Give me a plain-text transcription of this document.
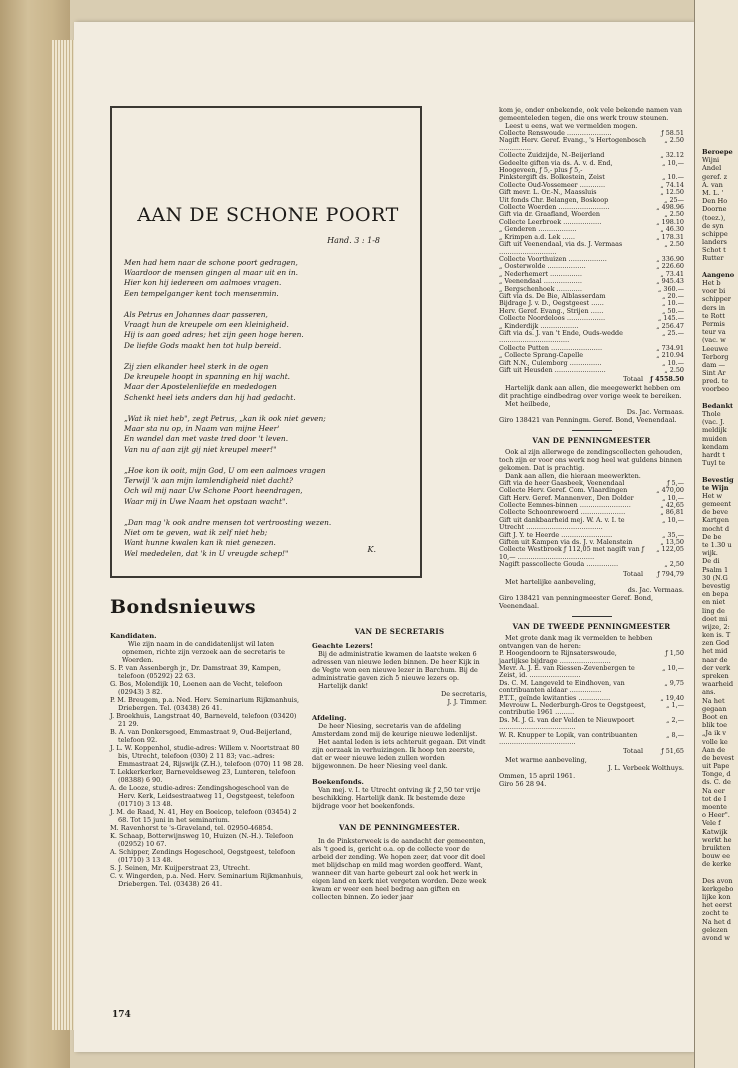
AAN DE SCHONE POORT
Hand. 3 : 1-8
Men had hem naar de schone poort gedragen,
Waardoor de mensen gingen al maar uit en in.
Hier kon hij iedereen om aalmoes vragen.
Een tempelganger kent toch mensenmin.
Als Petrus en Johannes daar passeren,
Vraagt hun de kreupele om een kleinigheid.
Hij is aan goed adres; het zijn geen hoge heren.
De liefde Gods maakt hen tot hulp bereid.
Zij zien elkander heel sterk in de ogen
De kreupele hoopt in spanning en hij wacht.
Maar der Apostelenliefde en mededogen
Schenkt heel iets anders dan hij had gedacht.
„Wat ik niet heb", zegt Petrus, „kan ik ook niet geven;
Maar sta nu op, in Naam van mijne Heer'
En wandel dan met vaste tred door 't leven.
Van nu af aan zijt gij niet kreupel meer!"
„Hoe kon ik ooit, mijn God, U om een aalmoes vragen
Terwijl 'k aan mijn lamlendigheid niet dacht?
Och wil mij naar Uw Schone Poort heendragen,
Waar mij in Uwe Naam het opstaan wacht".
„Dan mag 'k ook andre mensen tot vertroosting wezen.
Niet om te geven, wat ik zelf niet heb;
Want hunne kwalen kan ik niet genezen.
Wel mededelen, dat 'k in U vreugde schep!"	K.
Bondsnieuws

Kandidaten.

Wie zijn naam in de candidatenlijst wil laten opnemen, richte zijn verzoek aan de secretaris te Woerden.

S. P. van Assenbergh jr., Dr. Damstraat 39, Kampen, telefoon (05292) 22 63.

G. Bos, Molendijk 10, Loenen aan de Vecht, telefoon (02943) 3 82.

P. M. Breugem, p.a. Ned. Herv. Seminarium Rijkmanhuis, Driebergen. Tel. (03438) 26 41.

J. Broekhuis, Langstraat 40, Barneveld, telefoon (03420) 21 29.

B. A. van Donkersgoed, Emmastraat 9, Oud-Beijerland, telefoon 92.

J. L. W. Koppenhol, studie-adres: Willem v. Noortstraat 80 bis, Utrecht, telefoon (030) 2 11 83; vac.-adres: Emmastraat 24, Rijswijk (Z.H.), telefoon (070) 11 98 28.

T. Lekkerkerker, Barneveldseweg 23, Lunteren, telefoon (08388) 6 90.

A. de Looze, studie-adres: Zendingshogeschool van de Herv. Kerk, Leidsestraatweg 11, Oegstgeest, telefoon (01710) 3 13 48.

J. M. de Raad, N. 41, Hey en Boeicop, telefoon (03454) 2 68. Tot 15 juni in het seminarium.

M. Ravenhorst te 's-Graveland, tel. 02950-46854.

K. Schaap, Botterwijnsweg 10, Huizen (N.-H.). Telefoon (02952) 10 67.

A. Schipper, Zendings Hogeschool, Oegstgeest, telefoon (01710) 3 13 48.

S. J. Seinen, Mr. Kuijperstraat 23, Utrecht.

C. v. Wingerden, p.a. Ned. Herv. Seminarium Rijkmanhuis, Driebergen. Tel. (03438) 26 41.

VAN DE SECRETARIS

Geachte Lezers!

Bij de administratie kwamen de laatste weken 6 adressen van nieuwe leden binnen. De heer Kijk in de Vegte won een nieuwe lezer in Barchum. Bij de administratie gaven zich 5 nieuwe lezers op.

Hartelijk dank!

De secretaris,

J. J. Timmer.

Afdeling.

De heer Niesing, secretaris van de afdeling Amsterdam zond mij de keurige nieuwe ledenlijst.

Het aantal leden is iets achteruit gegaan. Dit vindt zijn oorzaak in verhuizingen. Ik hoop ten zeerste, dat er weer nieuwe leden zullen worden bijgewonnen. De heer Niesing veel dank.

Boekenfonds.

Van mej. v. I. te Utrecht ontving ik ƒ 2,50 ter vrije beschikking. Hartelijk dank. Ik bestemde deze bijdrage voor het boekenfonds.

VAN DE PENNINGMEESTER.

In de Pinksterweek is de aandacht der gemeenten, als 't goed is, gericht o.a. op de collecte voor de arbeid der zending. We hopen zeer, dat voor dit doel met blijdschap en mild mag worden geofferd. Want, wanneer dit van harte gebeurt zal ook het werk in eigen land en kerk niet vergeten worden. Deze week kwam er weer een heel bedrag aan giften en collecten binnen. Zo ieder jaar

kom je, onder onbekende, ook vele bekende namen van gemeenteleden tegen, die ons werk trouw steunen.

Leest u eens, wat we vermelden mogen.

Collecte Renswoude …………………	ƒ 58.51
Nagift Herv. Geref. Evang., 's Hertogenbosch ……………	„ 2.50
Collecte Zuidzijde, N.-Beijerland	„ 32.12
Gedeelte giften via ds. A. v. d. End, Hoogeveen, ƒ 5,- plus ƒ 5,-	„ 10,—
Pinkstergift ds. Bolkestein, Zeist	„ 10.—
Collecte Oud-Vossemeer …………	„ 74.14
Gift mevr. L. Or.-N., Maassluis	„ 12.50
Uit fonds Chr. Belangen, Boskoop	„ 25—
Collecte Woerden ……………………	„ 498.96
Gift via dr. Graafland, Woerden	„ 2.50
Collecte Leerbroek ………………	„ 198.10
„ Genderen ………………	„ 46.30
„ Krimpen a.d. Lek ……	„ 178.31
Gift uit Veenendaal, via ds. J. Vermaas ………………………	„ 2.50
Collecte Voorthuizen ………………	„ 336.90
„ Oosterwolde ………………	„ 226.60
„ Nederhemert ……………	„ 73.41
„ Veenendaal ………………	„ 945.43
„ Bergschenhoek …………	„ 360.—
Gift via ds. De Bie, Alblasserdam	„ 20.—
Bijdrage J. v. D., Oegstgeest ……	„ 10.—
Herv. Geref. Evang., Strijen ……	„ 50.—
Collecte Noordeloos ………………	„ 145.—
„ Kinderdijk ………………	„ 256.47
Gift via ds. J. van 't Ende, Ouds-wedde ……………………………	„ 25.—
Collecte Putten ……………………	„ 734.91
„ Collecte Sprang-Capelle	„ 210.94
Gift N.N., Culemborg ……………	„ 10.—
Gift uit Heusden ……………………	„ 2.50
Totaal	ƒ 4558.50

Hartelijk dank aan allen, die meegewerkt hebben om dit prachtige eindbedrag over vorige week te bereiken.

Met heilbede,

Ds. Jac. Vermaas.

Giro 138421 van Penningm. Geref. Bond, Veenendaal.

VAN DE PENNINGMEESTER

Ook al zijn allerwege de zendingscollecten gehouden, toch zijn er voor ons werk nog heel wat guldens binnen gekomen. Dat is prachtig.

Dank aan allen, die hieraan meewerkten.

Gift via de heer Gaasbeek, Veenendaal	ƒ 5,—
Collecte Herv. Geref. Com. Vlaardingen	„ 470,00
Gift Herv. Geref. Mannenver., Den Dolder	„ 10,—
Collecte Eemnes-binnen ……………………	„ 42,65
Collecte Schoonrewoerd …………………	„ 86,81
Gift uit dankbaarheid mej. W. A. v. I. te Utrecht ………………………………	„ 10,—
Gift J. Y. te Heerde ……………………	„ 35,—
Giften uit Kampen via ds. J. v. Malenstein	„ 13,50
Collecte Westbroek ƒ 112,05 met nagift van ƒ 10,— ………………………………	„ 122,05
Nagift passcollecte Gouda ……………	„ 2,50
Totaal	ƒ 794,79

Met hartelijke aanbeveling,

ds. Jac. Vermaas.

Giro 138421 van penningmeester Geref. Bond, Veenendaal.

VAN DE TWEEDE PENNINGMEESTER

Met grote dank mag ik vermelden te hebben ontvangen van de heren:

P. Hoogendoorn te Rijnsaterswoude, jaarlijkse bijdrage ……………………	ƒ 1,50
Mevr. A. J. E. van Riessen-Zevenbergen te Zeist, id. ……………………	„ 10,—
Ds. C. M. Langeveld te Eindhoven, van contribuanten aldaar ……………	„ 9,75
P.T.T., geïnde kwitanties ……………	„ 19,40
Mevrouw L. Nederburgh-Gros te Oegstgeest, contributie 1961 ………	„ 1,—
Ds. M. J. G. van der Velden te Nieuwpoort ………………………………	„ 2,—
W. R. Knupper te Lopik, van contribuanten ………………………………	„ 8,—
Totaal	ƒ 51,65

Met warme aanbeveling,

J. L. Verbeek Wolthuys.

Ommen, 15 april 1961.

Giro 56 28 94.

174
Beroepe
Wijni
Andel
geref. z
A. van
M. L. '
Den Ho
Doorne
(toez.),
de syn
schippe
landers
Schot t
Rutter
Aangeno
Het b
voor bi
schipper
ders in
te Rott
Permis
teur va
(vac. w
Leeuwe
Terborg
dam —
Sint Ar
pred. te
voorbeo
Bedankt
Thole
(vac. J.
meldijk
muiden
kendam
hardt t
Tuyl te
Bevestig
te Wijn
Het w
gemeent
de beve
Kartgen
mocht d
De be
te 1.30 u
wijk.
De di
Psalm 1
30 (N.G
bevestig
en bepa
en niet
ling de
doet mi
wijze, 2:
ken is. T
zen God
het mid
naar de
der verk
spreken
waarheid
ans.
Na het
gegaan
Boot en
blik toe
„Ja ik v
volle ke
Aan de
de bevest
uit Pape
Tonge, d
ds. C. de
Na eer
tot de I
moente
o Heer".
Vele f
Katwijk
werkt he
bruikten
bouw ee
de kerke
Des avon
kerkgebo
lijke kon
het eerst
zocht te
Na het d
gelezen
avond w
